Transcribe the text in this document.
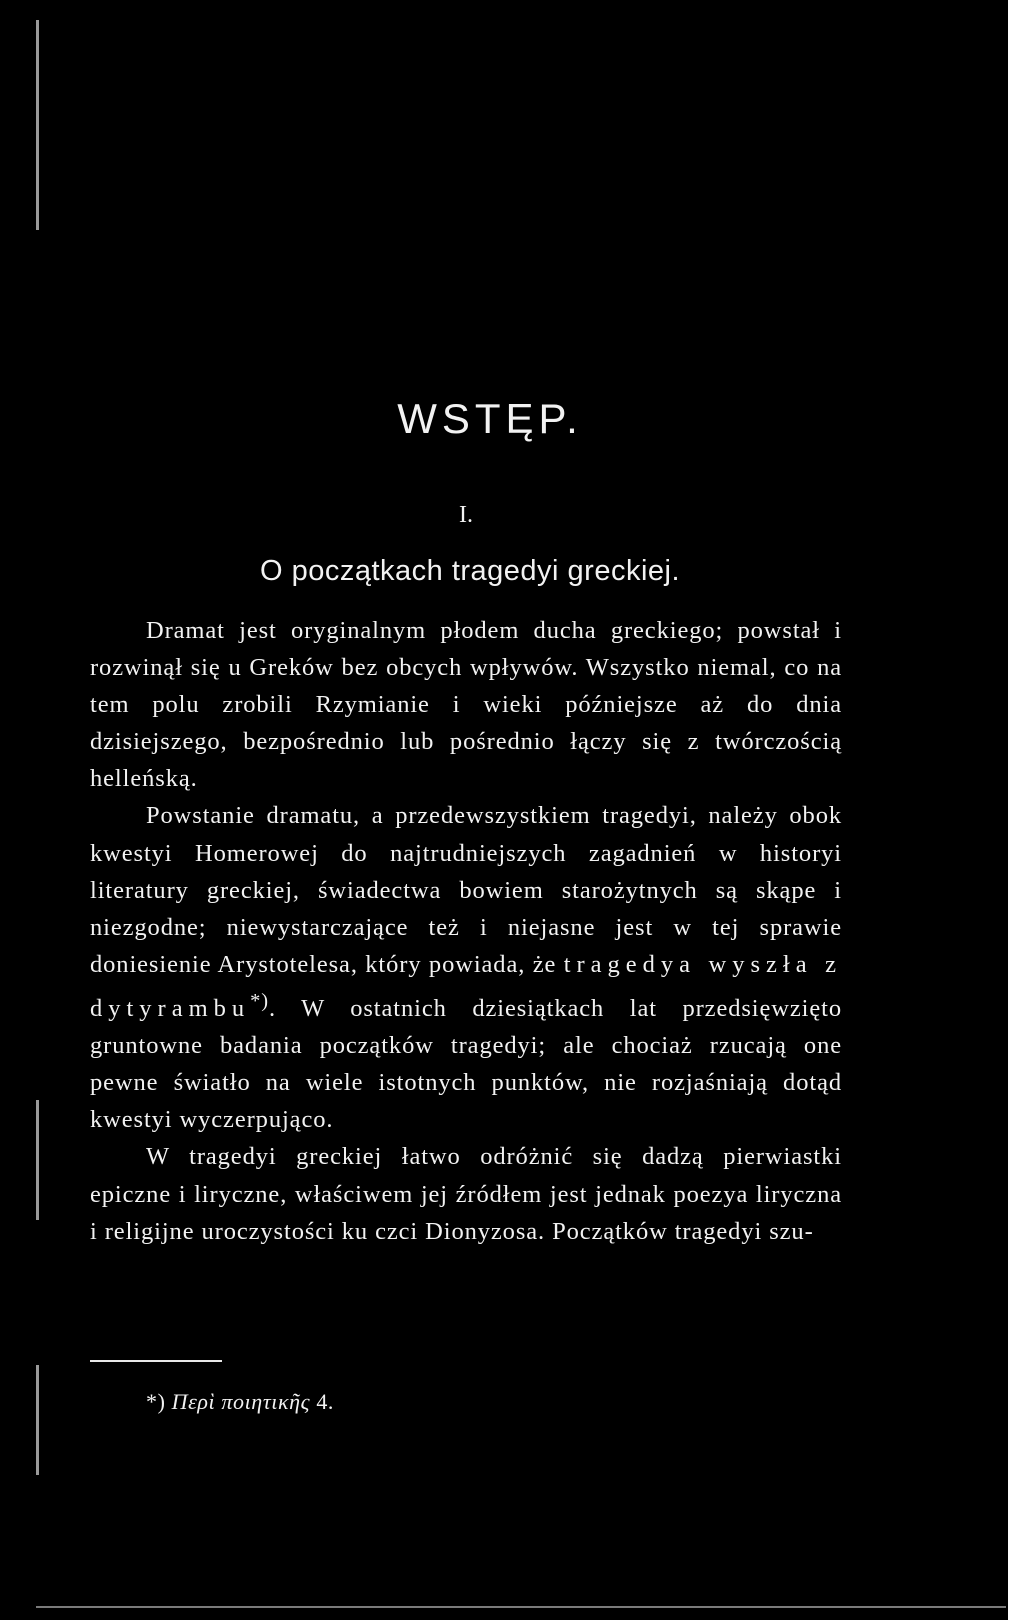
WSTĘP.
I.
O początkach tragedyi greckiej.

Dramat jest oryginalnym płodem ducha greckiego; powstał i rozwinął się u Greków bez obcych wpływów. Wszystko niemal, co na tem polu zrobili Rzymianie i wieki późniejsze aż do dnia dzisiejszego, bezpośrednio lub pośrednio łączy się z twórczością helleńską.

Powstanie dramatu, a przedewszystkiem tragedyi, należy obok kwestyi Homerowej do najtrudniejszych zagadnień w historyi literatury greckiej, świadectwa bowiem starożytnych są skąpe i niezgodne; niewystarczające też i niejasne jest w tej sprawie doniesienie Arystotelesa, który powiada, że tragedya wyszła z dytyrambu*). W ostatnich dziesiątkach lat przedsięwzięto gruntowne badania początków tragedyi; ale chociaż rzucają one pewne światło na wiele istotnych punktów, nie rozjaśniają dotąd kwestyi wyczerpująco.

W tragedyi greckiej łatwo odróżnić się dadzą pierwiastki epiczne i liryczne, właściwem jej źródłem jest jednak poezya liryczna i religijne uroczystości ku czci Dionyzosa. Początków tragedyi szu-

*) Περὶ ποιητικῆς 4.
